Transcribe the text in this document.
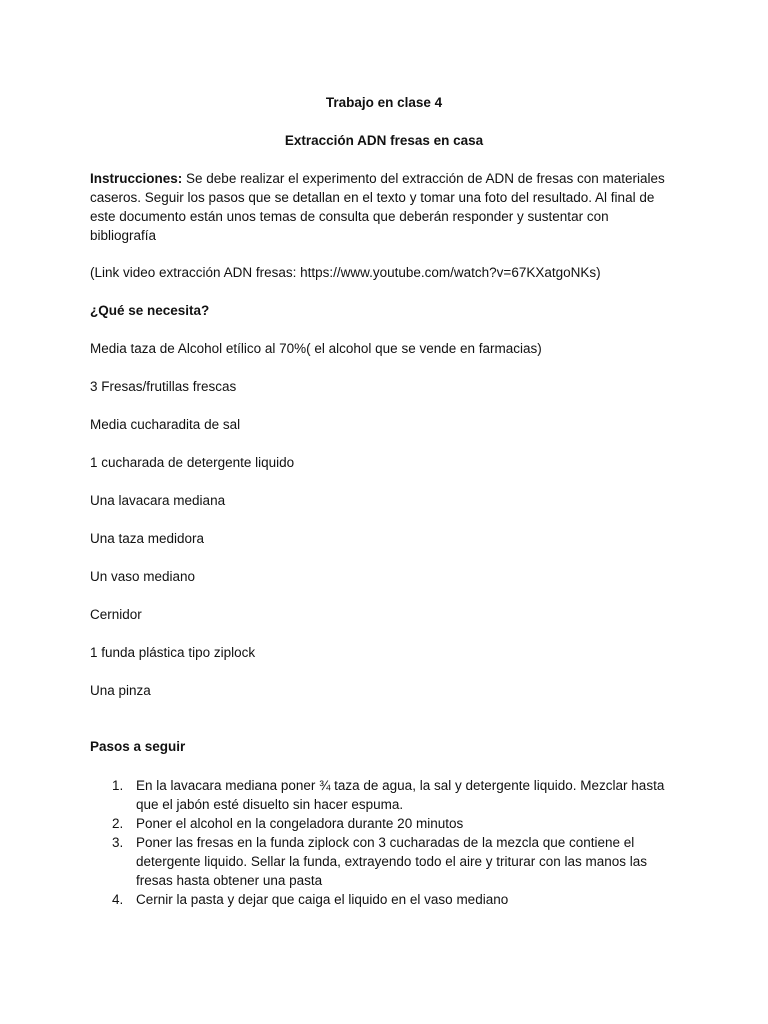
Trabajo en clase 4
Extracción ADN fresas en casa
Instrucciones: Se debe realizar el experimento del extracción de ADN de fresas con materiales caseros. Seguir los pasos que se detallan en el texto y tomar una foto del resultado. Al final de este documento están unos temas de consulta que deberán responder y sustentar con bibliografía
(Link video extracción ADN fresas: https://www.youtube.com/watch?v=67KXatgoNKs)
¿Qué se necesita?
Media taza de Alcohol etílico al 70%( el alcohol que se vende en farmacias)
3 Fresas/frutillas frescas
Media cucharadita de sal
1 cucharada de detergente liquido
Una lavacara mediana
Una taza medidora
Un vaso mediano
Cernidor
1 funda plástica tipo ziplock
Una pinza
Pasos a seguir
1. En la lavacara mediana poner ¾ taza de agua, la sal y detergente liquido. Mezclar hasta que el jabón esté disuelto sin hacer espuma.
2. Poner el alcohol en la congeladora durante 20 minutos
3. Poner las fresas en la funda ziplock con 3 cucharadas de la mezcla que contiene el detergente liquido. Sellar la funda, extrayendo todo el aire y triturar con las manos las fresas hasta obtener una pasta
4. Cernir la pasta y dejar que caiga el liquido en el vaso mediano
